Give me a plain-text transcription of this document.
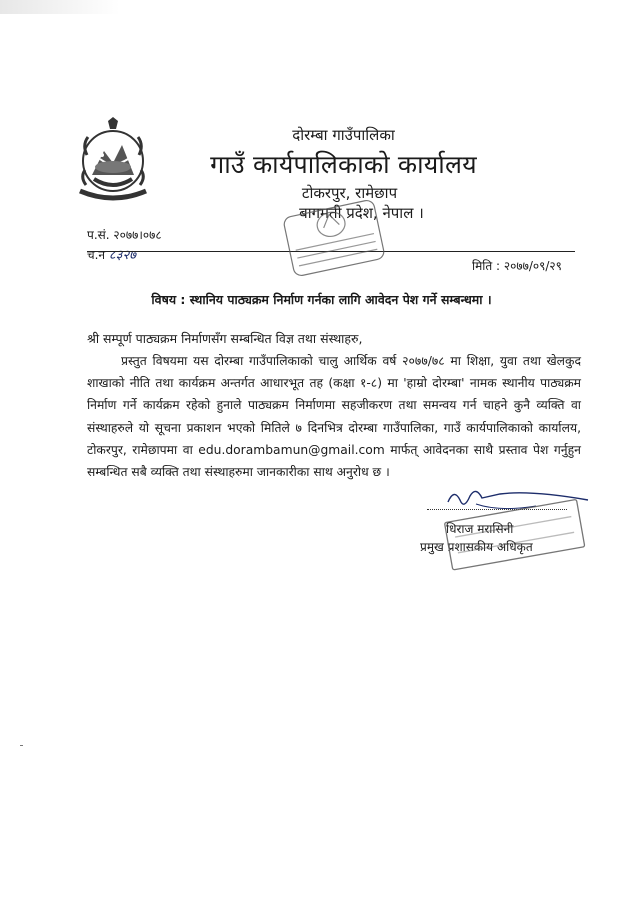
दोरम्बा गाउँपालिका
गाउँ कार्यपालिकाको कार्यालय
टोकरपुर, रामेछाप
बागमती प्रदेश, नेपाल ।
प.सं. २०७७।०७८
च.न ८३२७
मिति : २०७७/०९/२९
विषय : स्थानिय पाठ्यक्रम निर्माण गर्नका लागि आवेदन पेश गर्ने सम्बन्धमा ।
श्री सम्पूर्ण पाठ्यक्रम निर्माणसँग सम्बन्धित विज्ञ तथा संस्थाहरु,
प्रस्तुत विषयमा यस दोरम्बा गाउँपालिकाको चालु आर्थिक वर्ष २०७७/७८ मा शिक्षा, युवा तथा खेलकुद शाखाको नीति तथा कार्यक्रम अन्तर्गत आधारभूत तह (कक्षा १-८) मा 'हाम्रो दोरम्बा' नामक स्थानीय पाठ्यक्रम निर्माण गर्ने कार्यक्रम रहेको हुनाले पाठ्यक्रम निर्माणमा सहजीकरण तथा समन्वय गर्न चाहने कुनै व्यक्ति वा संस्थाहरुले यो सूचना प्रकाशन भएको मितिले ७ दिनभित्र दोरम्बा गाउँपालिका, गाउँ कार्यपालिकाको कार्यालय, टोकरपुर, रामेछापमा वा edu.dorambamun@gmail.com मार्फत् आवेदनका साथै प्रस्ताव पेश गर्नुहुन सम्बन्धित सबै व्यक्ति तथा संस्थाहरुमा जानकारीका साथ अनुरोध छ ।
धिराज मरासिनी
प्रमुख प्रशासकीय अधिकृत
